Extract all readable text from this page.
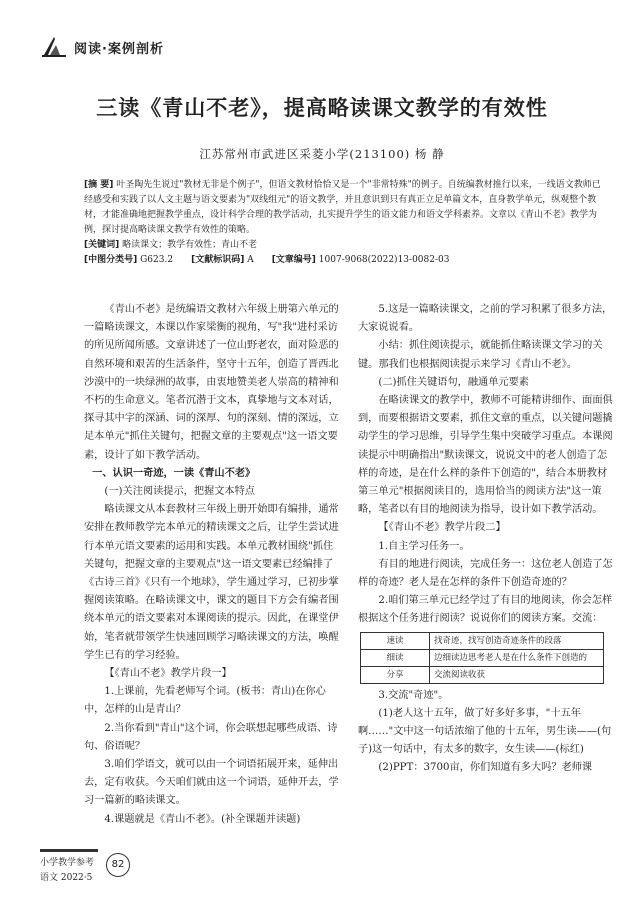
阅读·案例剖析
三读《青山不老》，提高略读课文教学的有效性
江苏常州市武进区采菱小学(213100) 杨 静
[摘 要] 叶圣陶先生说过"教材无非是个例子"，但语文教材恰恰又是一个"非常特殊"的例子。自统编教材推行以来，一线语文教师已经感受和实践了以人文主题与语文要素为"双线组元"的语文教学，并且意识到只有真正立足单篇文本，直身教学单元，纵观整个教材，才能准确地把握教学重点，设计科学合理的教学活动，扎实提升学生的语文能力和语文学科素养。文章以《青山不老》教学为例，探讨提高略读课文教学有效性的策略。
[关键词] 略读课文；教学有效性；青山不老
[中图分类号] G623.2 [文献标识码] A [文章编号] 1007-9068(2022)13-0082-03

《青山不老》是统编语文教材六年级上册第六单元的一篇略读课文，本课以作家梁衡的视角，写"我"进村采访的所见所闻所感。文章讲述了一位山野老农，面对险恶的自然环境和艰苦的生活条件，坚守十五年，创造了晋西北沙漠中的一块绿洲的故事，由衷地赞美老人崇高的精神和不朽的生命意义。笔者沉潜于文本，真挚地与文本对话，探寻其中字的深涵、词的深厚、句的深刻、情的深远，立足本单元"抓住关键句，把握文章的主要观点"这一语文要素，设计了如下教学活动。

一、认识一奇迹，一读《青山不老》

(一)关注阅读提示，把握文本特点

略读课文从本套教材三年级上册开始即有编排，通常安排在教师教学完本单元的精读课文之后，让学生尝试进行本单元语文要素的运用和实践。本单元教材围绕"抓住关键句，把握文章的主要观点"这一语文要素已经编排了《古诗三首》《只有一个地球》，学生通过学习，已初步掌握阅读策略。在略读课文中，课文的题目下方会有编者围绕本单元的语文要素对本课阅读的提示。因此，在课堂伊始，笔者就带领学生快速回顾学习略读课文的方法，唤醒学生已有的学习经验。

【《青山不老》教学片段一】

1.上课前，先看老师写个词。(板书：青山)在你心中，怎样的山是青山？

2.当你看到"青山"这个词，你会联想起哪些成语、诗句、俗语呢？

3.咱们学语文，就可以由一个词语拓展开来，延伸出去，定有收获。今天咱们就由这一个词语，延伸开去，学习一篇新的略读课文。

4.课题就是《青山不老》。(补全课题并读题)

5.这是一篇略读课文，之前的学习积累了很多方法，大家说说看。

小结：抓住阅读提示，就能抓住略读课文学习的关键。那我们也根据阅读提示来学习《青山不老》。

(二)抓住关键语句，融通单元要素

在略读课文的教学中，教师不可能精讲细作、面面俱到，而要根据语文要素，抓住文章的重点，以关键问题撬动学生的学习思维，引导学生集中突破学习重点。本课阅读提示中明确指出"默读课文，说说文中的老人创造了怎样的奇迹，是在什么样的条件下创造的"，结合本册教材第三单元"根据阅读目的，选用恰当的阅读方法"这一策略，笔者以有目的地阅读为指导，设计如下教学活动。

【《青山不老》教学片段二】

1.自主学习任务一。

有目的地进行阅读，完成任务一：这位老人创造了怎样的奇迹？老人是在怎样的条件下创造奇迹的？

2.咱们第三单元已经学过了有目的地阅读，你会怎样根据这个任务进行阅读？说说你们的阅读方案。交流：

速读	找奇迹，找写创造奇迹条件的段落
细读	边细读边思考老人是在什么条件下创造的
分享	交流阅读收获

3.交流"奇迹"。

(1)老人这十五年，做了好多好多事，"十五年啊……"文中这一句话浓缩了他的十五年，男生读——(句子)这一句话中，有太多的数字，女生读——(标红)

(2)PPT：3700亩，你们知道有多大吗？老师课

小学教学参考
语文 2022·5
82
